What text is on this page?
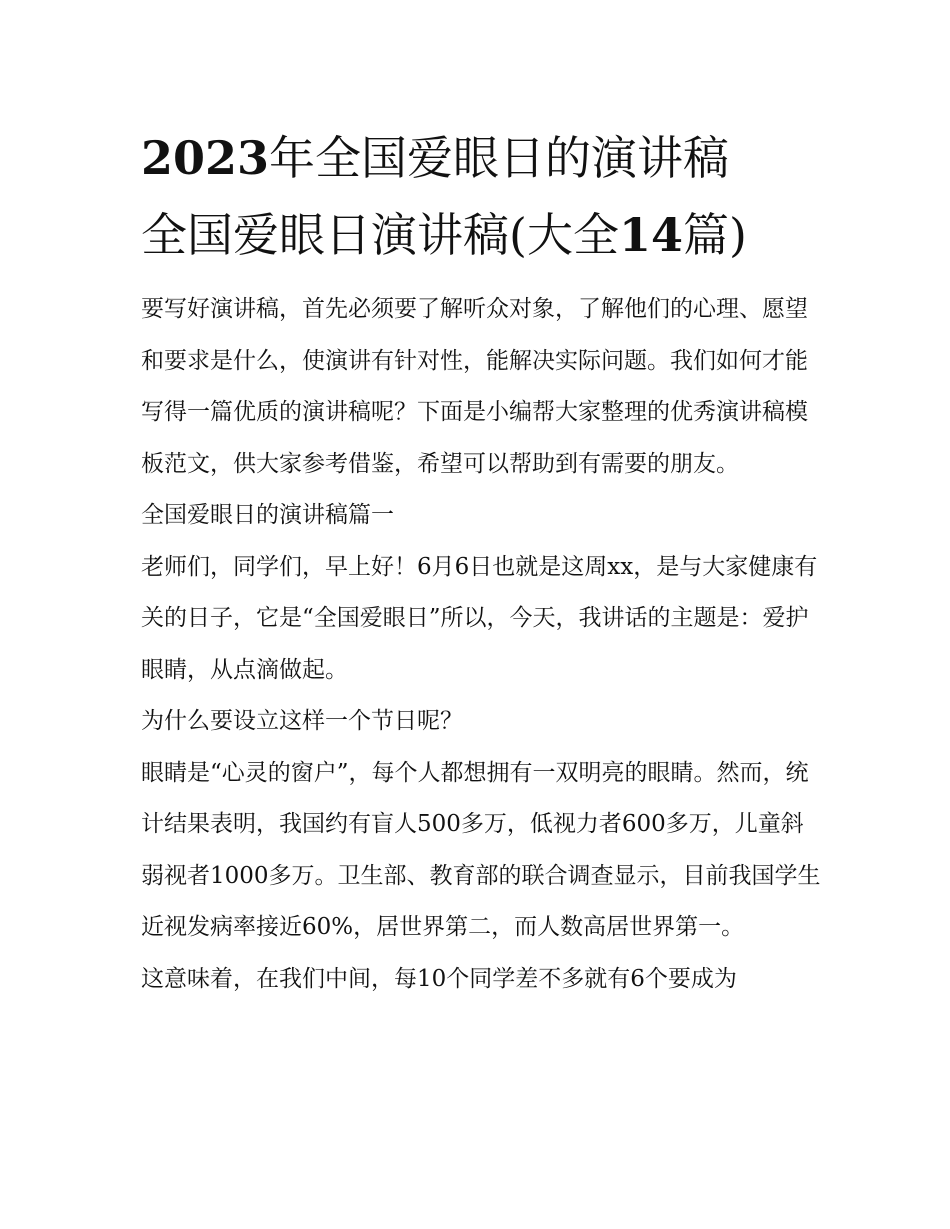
2023年全国爱眼日的演讲稿
全国爱眼日演讲稿(大全14篇)

要写好演讲稿，首先必须要了解听众对象，了解他们的心理、愿望和要求是什么，使演讲有针对性，能解决实际问题。我们如何才能写得一篇优质的演讲稿呢？下面是小编帮大家整理的优秀演讲稿模板范文，供大家参考借鉴，希望可以帮助到有需要的朋友。

全国爱眼日的演讲稿篇一

老师们，同学们，早上好！6月6日也就是这周xx，是与大家健康有关的日子，它是“全国爱眼日”所以，今天，我讲话的主题是：爱护眼睛，从点滴做起。

为什么要设立这样一个节日呢？

眼睛是“心灵的窗户”，每个人都想拥有一双明亮的眼睛。然而，统计结果表明，我国约有盲人500多万，低视力者600多万，儿童斜弱视者1000多万。卫生部、教育部的联合调查显示，目前我国学生近视发病率接近60%，居世界第二，而人数高居世界第一。

这意味着，在我们中间，每10个同学差不多就有6个要成为
